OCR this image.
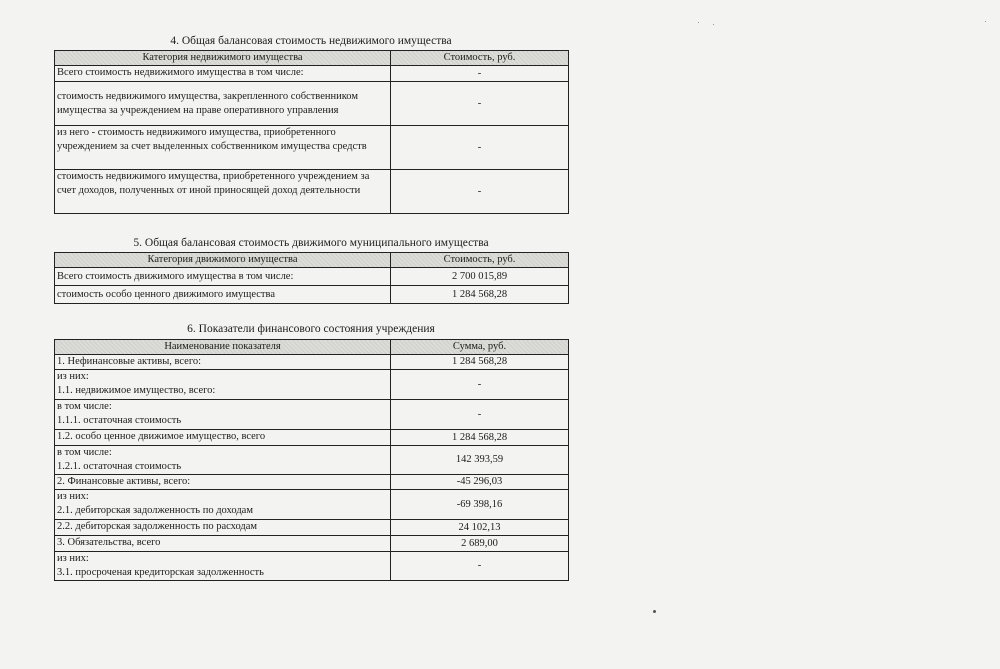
4. Общая балансовая стоимость недвижимого имущества
Категория недвижимого имущества	Стоимость, руб.
Всего стоимость недвижимого имущества в том числе:	-
стоимость недвижимого имущества, закрепленного собственником имущества за учреждением на праве оперативного управления	-
из него - стоимость недвижимого имущества, приобретенного учреждением за счет выделенных собственником имущества средств	-
стоимость недвижимого имущества, приобретенного учреждением за счет доходов, полученных от иной приносящей доход деятельности	-
5. Общая балансовая стоимость движимого муниципального имущества
Категория движимого имущества	Стоимость, руб.
Всего стоимость движимого имущества в том числе:	2 700 015,89
стоимость особо ценного движимого имущества	1 284 568,28
6. Показатели финансового состояния учреждения
Наименование показателя	Сумма, руб.
1. Нефинансовые активы, всего:	1 284 568,28

из них:
1.1. недвижимое имущество, всего:	-

в том числе:
1.1.1. остаточная стоимость	-
1.2. особо ценное движимое имущество, всего	1 284 568,28

в том числе:
1.2.1. остаточная стоимость	142 393,59
2. Финансовые активы, всего:	-45 296,03

из них:
2.1. дебиторская задолженность по доходам	-69 398,16
2.2. дебиторская задолженность по расходам	24 102,13
3. Обязательства, всего	2 689,00

из них:
3.1. просроченая кредиторская задолженность	-
